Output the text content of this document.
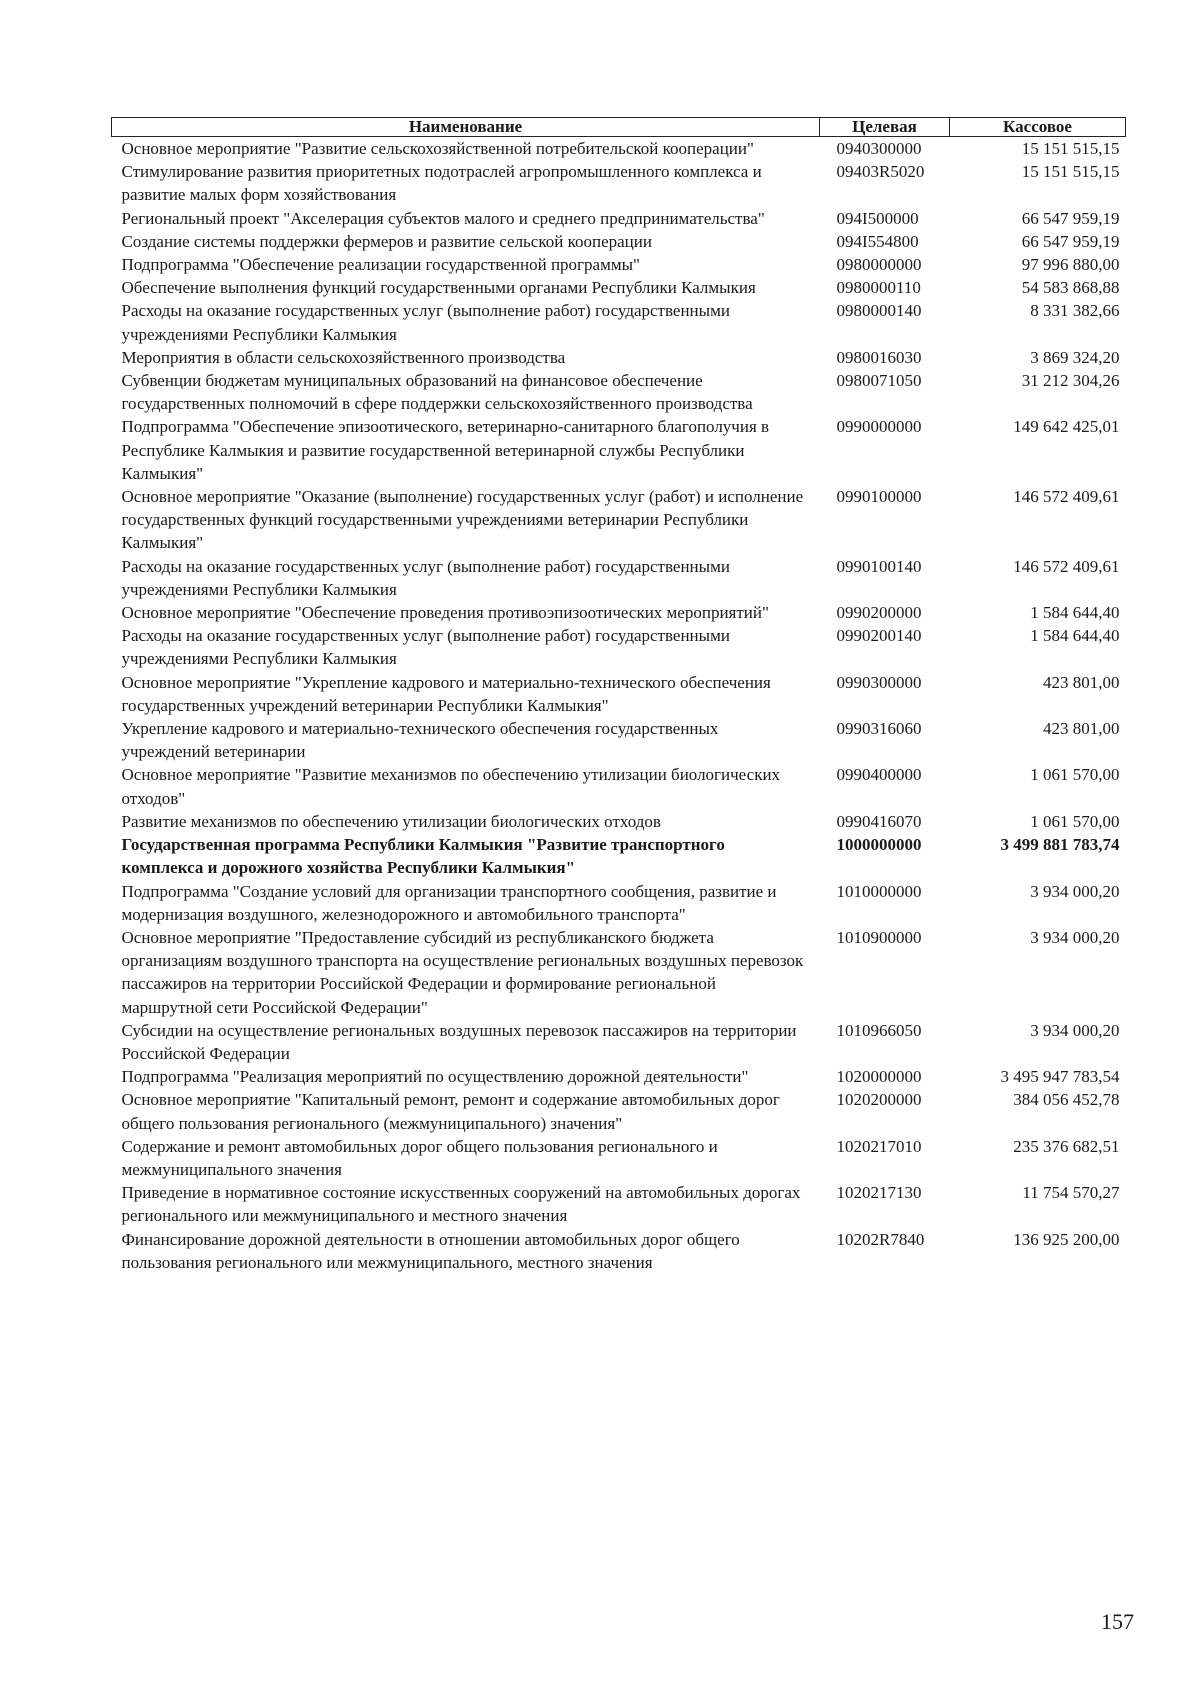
Наименование	Целевая	Кассовое
Основное мероприятие "Развитие сельскохозяйственной потребительской кооперации"	0940300000	15 151 515,15
Стимулирование развития приоритетных подотраслей агропромышленного комплекса и развитие малых форм хозяйствования	09403R5020	15 151 515,15
Региональный проект "Акселерация субъектов малого и среднего предпринимательства"	094I500000	66 547 959,19
Создание системы поддержки фермеров и развитие сельской кооперации	094I554800	66 547 959,19
Подпрограмма "Обеспечение реализации государственной программы"	0980000000	97 996 880,00
Обеспечение выполнения функций государственными органами Республики Калмыкия	0980000110	54 583 868,88
Расходы на оказание государственных услуг (выполнение работ) государственными учреждениями Республики Калмыкия	0980000140	8 331 382,66
Мероприятия в области сельскохозяйственного производства	0980016030	3 869 324,20
Субвенции бюджетам муниципальных образований на финансовое обеспечение государственных полномочий в сфере поддержки сельскохозяйственного производства	0980071050	31 212 304,26
Подпрограмма "Обеспечение эпизоотического, ветеринарно-санитарного благополучия в Республике Калмыкия и развитие государственной ветеринарной службы Республики Калмыкия"	0990000000	149 642 425,01
Основное мероприятие "Оказание (выполнение) государственных услуг (работ) и исполнение государственных функций государственными учреждениями ветеринарии Республики Калмыкия"	0990100000	146 572 409,61
Расходы на оказание государственных услуг (выполнение работ) государственными учреждениями Республики Калмыкия	0990100140	146 572 409,61
Основное мероприятие "Обеспечение проведения противоэпизоотических мероприятий"	0990200000	1 584 644,40
Расходы на оказание государственных услуг (выполнение работ) государственными учреждениями Республики Калмыкия	0990200140	1 584 644,40
Основное мероприятие "Укрепление кадрового и материально-технического обеспечения государственных учреждений ветеринарии Республики Калмыкия"	0990300000	423 801,00
Укрепление кадрового и материально-технического обеспечения государственных учреждений ветеринарии	0990316060	423 801,00
Основное мероприятие "Развитие механизмов по обеспечению утилизации биологических отходов"	0990400000	1 061 570,00
Развитие механизмов по обеспечению утилизации биологических отходов	0990416070	1 061 570,00
Государственная программа Республики Калмыкия "Развитие транспортного комплекса и дорожного хозяйства Республики Калмыкия"	1000000000	3 499 881 783,74
Подпрограмма "Создание условий для организации транспортного сообщения, развитие и модернизация воздушного, железнодорожного и автомобильного транспорта"	1010000000	3 934 000,20
Основное мероприятие "Предоставление субсидий из республиканского бюджета организациям воздушного транспорта на осуществление региональных воздушных перевозок пассажиров на территории Российской Федерации и формирование региональной маршрутной сети Российской Федерации"	1010900000	3 934 000,20
Субсидии на осуществление региональных воздушных перевозок пассажиров на территории Российской Федерации	1010966050	3 934 000,20
Подпрограмма "Реализация мероприятий по осуществлению дорожной деятельности"	1020000000	3 495 947 783,54
Основное мероприятие "Капитальный ремонт, ремонт и содержание автомобильных дорог общего пользования регионального (межмуниципального) значения"	1020200000	384 056 452,78
Содержание и ремонт автомобильных дорог общего пользования регионального и межмуниципального значения	1020217010	235 376 682,51
Приведение в нормативное состояние искусственных сооружений на автомобильных дорогах регионального или межмуниципального и местного значения	1020217130	11 754 570,27
Финансирование дорожной деятельности в отношении автомобильных дорог общего пользования регионального или межмуниципального, местного значения	10202R7840	136 925 200,00
157
